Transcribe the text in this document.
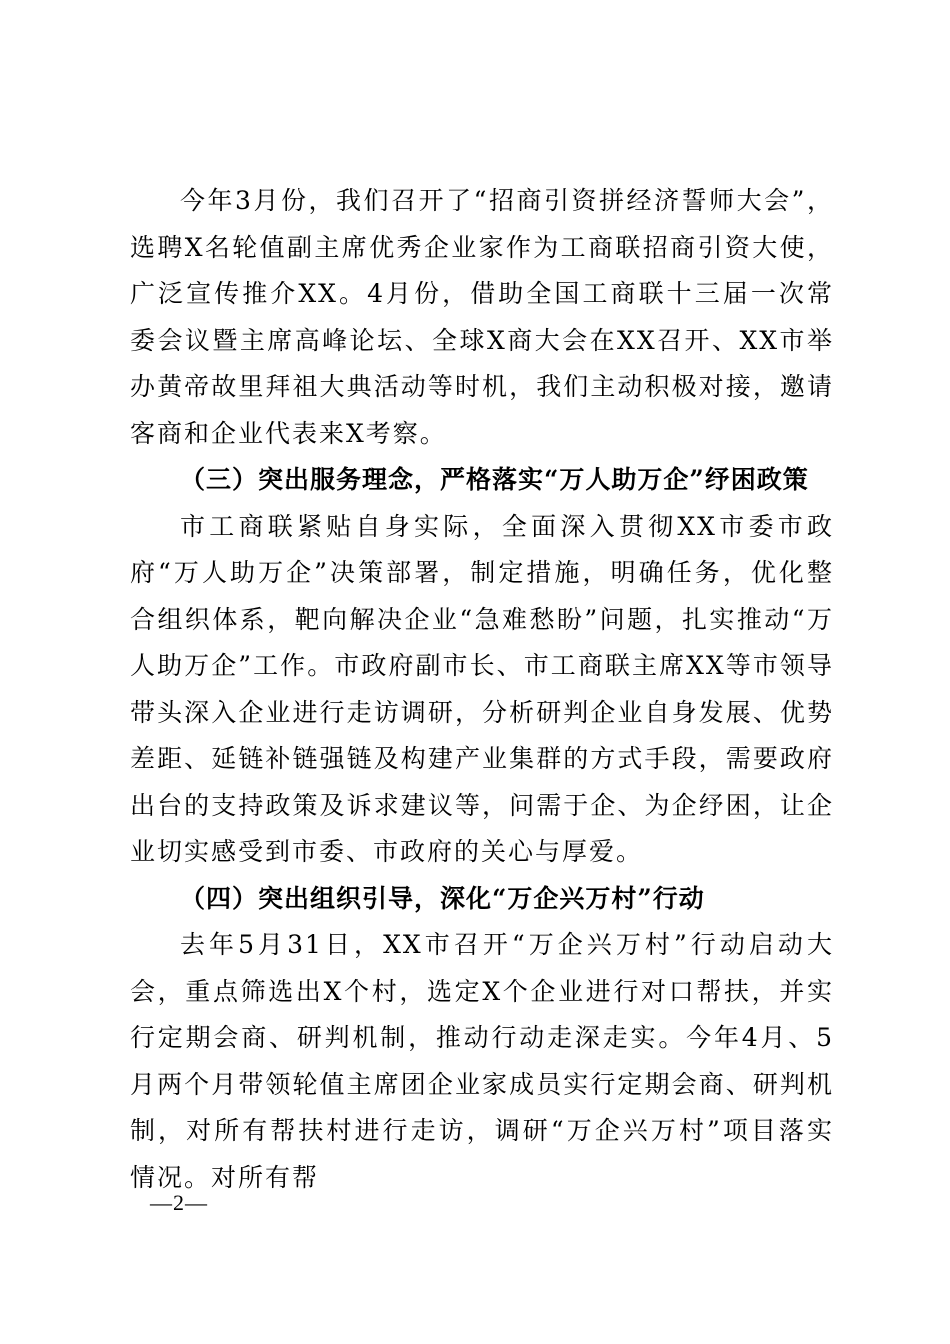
今年3月份，我们召开了“招商引资拼经济誓师大会”，选聘X名轮值副主席优秀企业家作为工商联招商引资大使，广泛宣传推介XX。4月份，借助全国工商联十三届一次常委会议暨主席高峰论坛、全球X商大会在XX召开、XX市举办黄帝故里拜祖大典活动等时机，我们主动积极对接，邀请客商和企业代表来X考察。

（三）突出服务理念，严格落实“万人助万企”纾困政策

市工商联紧贴自身实际，全面深入贯彻XX市委市政府“万人助万企”决策部署，制定措施，明确任务，优化整合组织体系，靶向解决企业“急难愁盼”问题，扎实推动“万人助万企”工作。市政府副市长、市工商联主席XX等市领导带头深入企业进行走访调研，分析研判企业自身发展、优势差距、延链补链强链及构建产业集群的方式手段，需要政府出台的支持政策及诉求建议等，问需于企、为企纾困，让企业切实感受到市委、市政府的关心与厚爱。

（四）突出组织引导，深化“万企兴万村”行动

去年5月31日，XX市召开“万企兴万村”行动启动大会，重点筛选出X个村，选定X个企业进行对口帮扶，并实行定期会商、研判机制，推动行动走深走实。今年4月、5月两个月带领轮值主席团企业家成员实行定期会商、研判机制，对所有帮扶村进行走访，调研“万企兴万村”项目落实情况。对所有帮

—2—
